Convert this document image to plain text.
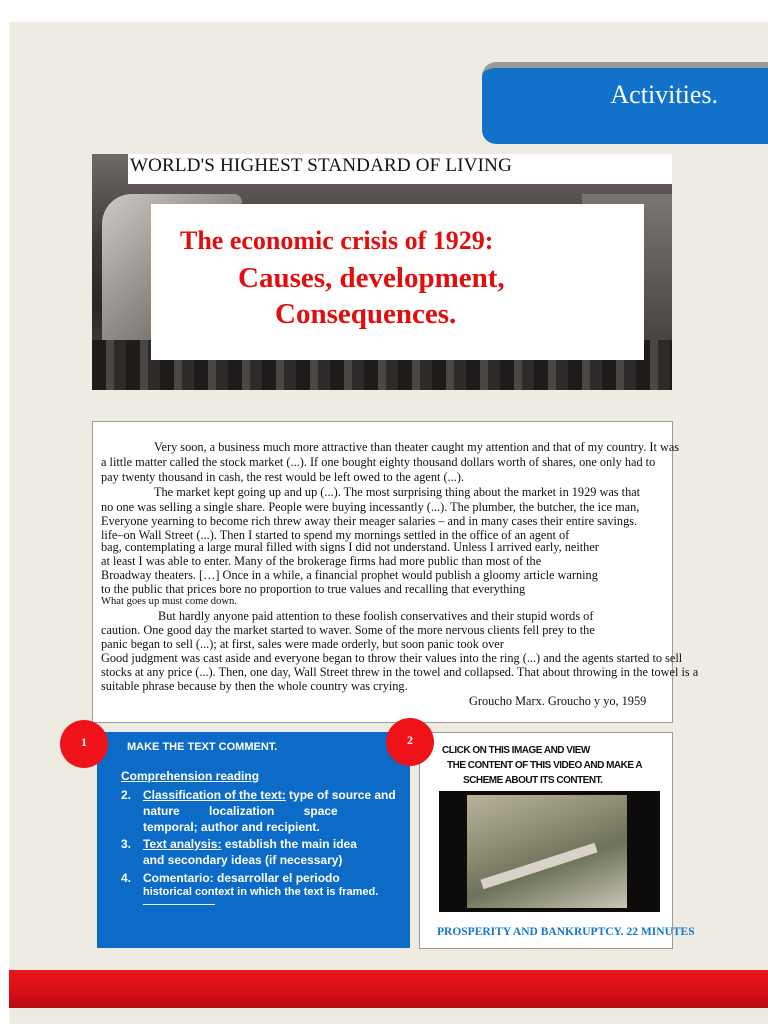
Activities.
WORLD'S HIGHEST STANDARD OF LIVING
The economic crisis of 1929:
Causes, development,
Consequences.
Very soon, a business much more attractive than theater caught my attention and that of my country. It was
a little matter called the stock market (...). If one bought eighty thousand dollars worth of shares, one only had to
pay twenty thousand in cash, the rest would be left owed to the agent (...).
The market kept going up and up (...). The most surprising thing about the market in 1929 was that
no one was selling a single share. People were buying incessantly (...). The plumber, the butcher, the ice man,
Everyone yearning to become rich threw away their meager salaries – and in many cases their entire savings.
life–on Wall Street (...). Then I started to spend my mornings settled in the office of an agent of
bag, contemplating a large mural filled with signs I did not understand. Unless I arrived early, neither
at least I was able to enter. Many of the brokerage firms had more public than most of the
Broadway theaters. […] Once in a while, a financial prophet would publish a gloomy article warning
to the public that prices bore no proportion to true values and recalling that everything
What goes up must come down.
But hardly anyone paid attention to these foolish conservatives and their stupid words of
caution. One good day the market started to waver. Some of the more nervous clients fell prey to the
panic began to sell (...); at first, sales were made orderly, but soon panic took over
Good judgment was cast aside and everyone began to throw their values into the ring (...) and the agents started to sell
stocks at any price (...). Then, one day, Wall Street threw in the towel and collapsed. That about throwing in the towel is a
suitable phrase because by then the whole country was crying.
Groucho Marx. Groucho y yo, 1959
MAKE THE TEXT COMMENT.
Comprehension reading
2. Classification of the text: type of source and
nature localization space
temporal; author and recipient.
3. Text analysis: establish the main idea
and secondary ideas (if necessary)
4. Comentario: desarrollar el periodo
historical context in which the text is framed.
CLICK ON THIS IMAGE AND VIEW
THE CONTENT OF THIS VIDEO AND MAKE A
SCHEME ABOUT ITS CONTENT.
PROSPERITY AND BANKRUPTCY. 22 MINUTES
1	2
